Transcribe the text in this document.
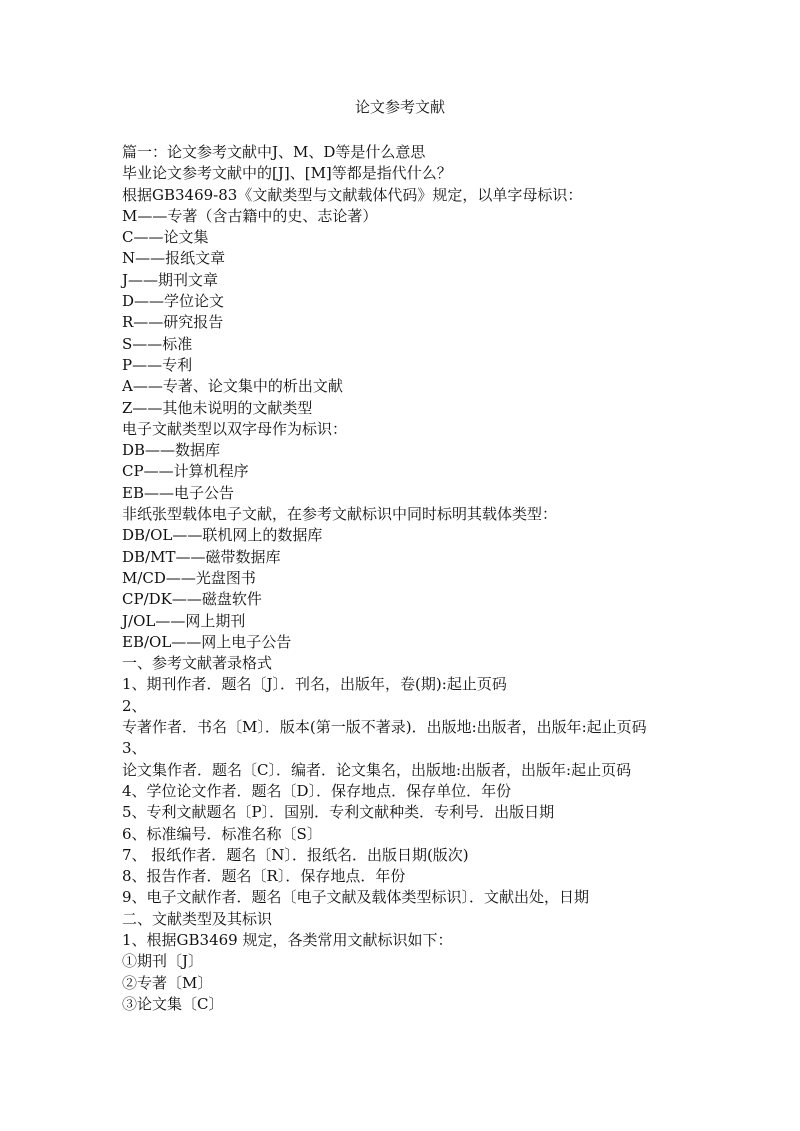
论文参考文献
篇一：论文参考文献中J、M、D等是什么意思
毕业论文参考文献中的[J]、[M]等都是指代什么？
根据GB3469-83《文献类型与文献载体代码》规定，以单字母标识：
M——专著（含古籍中的史、志论著）
C——论文集
N——报纸文章
J——期刊文章
D——学位论文
R——研究报告
S——标准
P——专利
A——专著、论文集中的析出文献
Z——其他未说明的文献类型
电子文献类型以双字母作为标识：
DB——数据库
CP——计算机程序
EB——电子公告
非纸张型载体电子文献，在参考文献标识中同时标明其载体类型：
DB/OL——联机网上的数据库
DB/MT——磁带数据库
M/CD——光盘图书
CP/DK——磁盘软件
J/OL——网上期刊
EB/OL——网上电子公告
一、参考文献著录格式
1、期刊作者．题名〔J〕．刊名，出版年，卷(期):起止页码
2、
专著作者．书名〔M〕．版本(第一版不著录)．出版地:出版者，出版年:起止页码
3、
论文集作者．题名〔C〕．编者．论文集名，出版地:出版者，出版年:起止页码
4、学位论文作者．题名〔D〕．保存地点．保存单位．年份
5、专利文献题名〔P〕．国别．专利文献种类．专利号．出版日期
6、标准编号．标准名称〔S〕
7、 报纸作者．题名〔N〕．报纸名．出版日期(版次)
8、报告作者．题名〔R〕．保存地点．年份
9、电子文献作者．题名〔电子文献及载体类型标识〕．文献出处，日期
二、文献类型及其标识
1、根据GB3469 规定，各类常用文献标识如下：
①期刊〔J〕
②专著〔M〕
③论文集〔C〕
